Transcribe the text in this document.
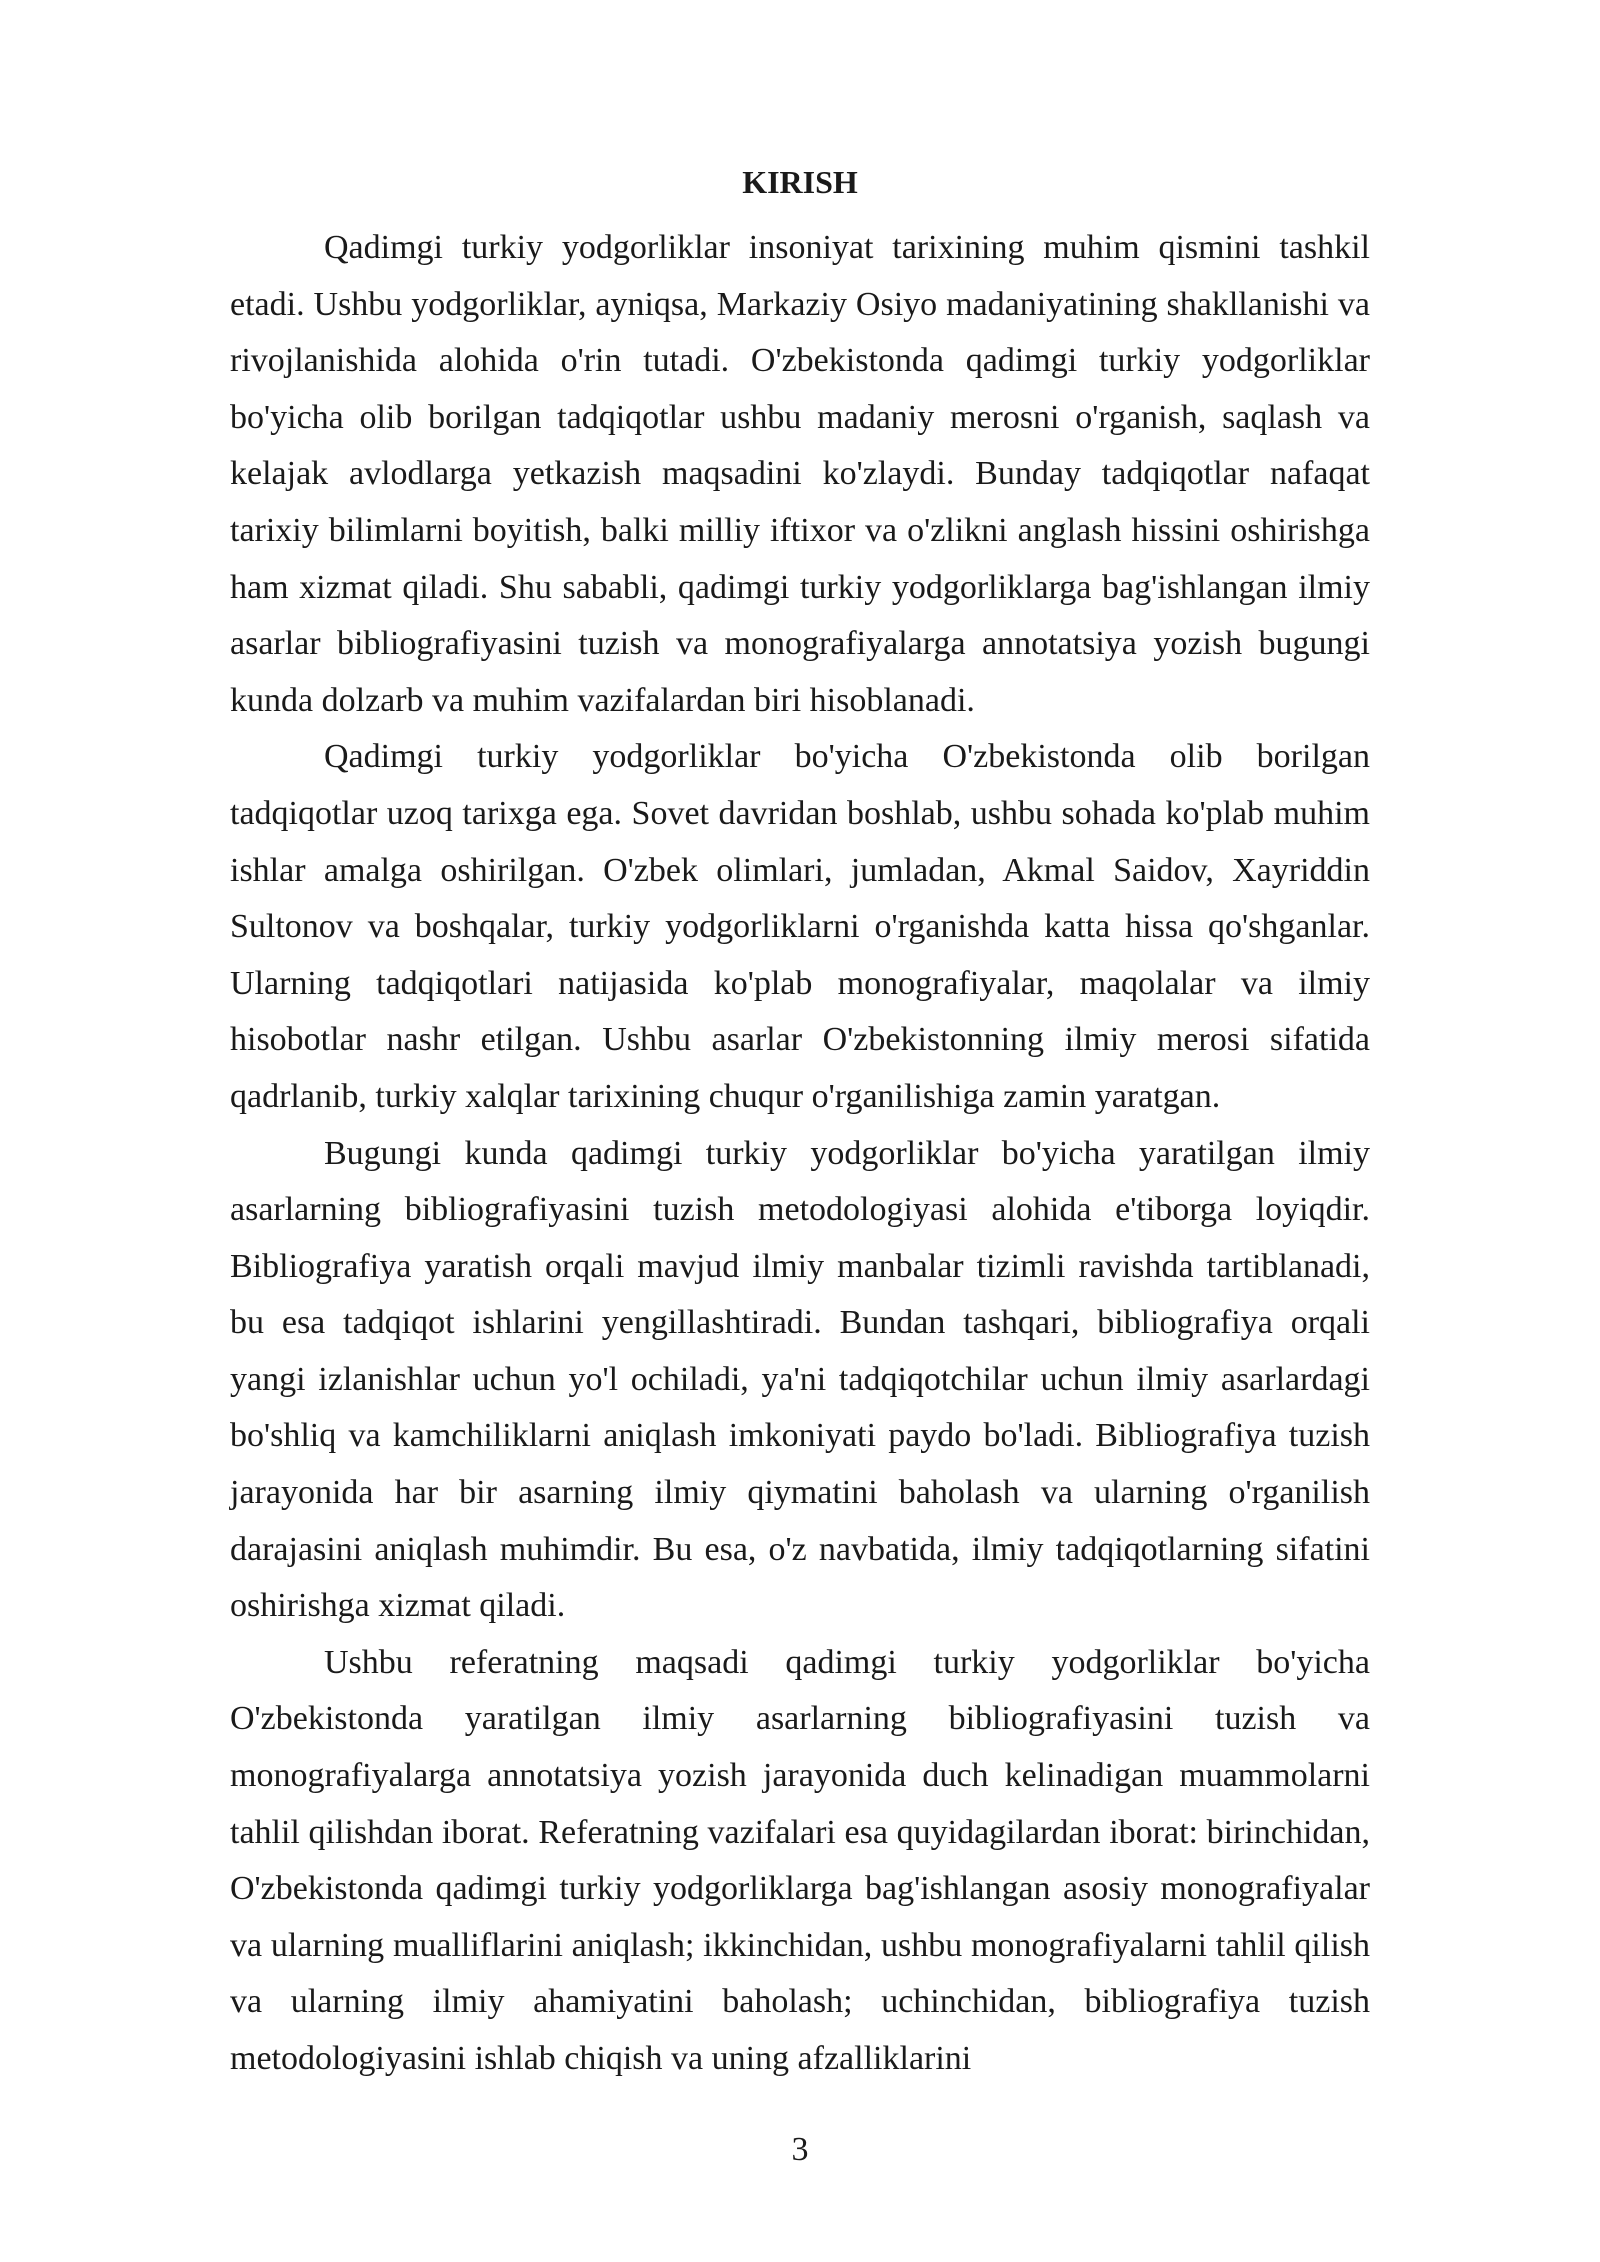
KIRISH

Qadimgi turkiy yodgorliklar insoniyat tarixining muhim qismini tashkil etadi. Ushbu yodgorliklar, ayniqsa, Markaziy Osiyo madaniyatining shakllanishi va rivojlanishida alohida o'rin tutadi. O'zbekistonda qadimgi turkiy yodgorliklar bo'yicha olib borilgan tadqiqotlar ushbu madaniy merosni o'rganish, saqlash va kelajak avlodlarga yetkazish maqsadini ko'zlaydi. Bunday tadqiqotlar nafaqat tarixiy bilimlarni boyitish, balki milliy iftixor va o'zlikni anglash hissini oshirishga ham xizmat qiladi. Shu sababli, qadimgi turkiy yodgorliklarga bag'ishlangan ilmiy asarlar bibliografiyasini tuzish va monografiyalarga annotatsiya yozish bugungi kunda dolzarb va muhim vazifalardan biri hisoblanadi.

Qadimgi turkiy yodgorliklar bo'yicha O'zbekistonda olib borilgan tadqiqotlar uzoq tarixga ega. Sovet davridan boshlab, ushbu sohada ko'plab muhim ishlar amalga oshirilgan. O'zbek olimlari, jumladan, Akmal Saidov, Xayriddin Sultonov va boshqalar, turkiy yodgorliklarni o'rganishda katta hissa qo'shganlar. Ularning tadqiqotlari natijasida ko'plab monografiyalar, maqolalar va ilmiy hisobotlar nashr etilgan. Ushbu asarlar O'zbekistonning ilmiy merosi sifatida qadrlanib, turkiy xalqlar tarixining chuqur o'rganilishiga zamin yaratgan.

Bugungi kunda qadimgi turkiy yodgorliklar bo'yicha yaratilgan ilmiy asarlarning bibliografiyasini tuzish metodologiyasi alohida e'tiborga loyiqdir. Bibliografiya yaratish orqali mavjud ilmiy manbalar tizimli ravishda tartiblanadi, bu esa tadqiqot ishlarini yengillashtiradi. Bundan tashqari, bibliografiya orqali yangi izlanishlar uchun yo'l ochiladi, ya'ni tadqiqotchilar uchun ilmiy asarlardagi bo'shliq va kamchiliklarni aniqlash imkoniyati paydo bo'ladi. Bibliografiya tuzish jarayonida har bir asarning ilmiy qiymatini baholash va ularning o'rganilish darajasini aniqlash muhimdir. Bu esa, o'z navbatida, ilmiy tadqiqotlarning sifatini oshirishga xizmat qiladi.

Ushbu referatning maqsadi qadimgi turkiy yodgorliklar bo'yicha O'zbekistonda yaratilgan ilmiy asarlarning bibliografiyasini tuzish va monografiyalarga annotatsiya yozish jarayonida duch kelinadigan muammolarni tahlil qilishdan iborat. Referatning vazifalari esa quyidagilardan iborat: birinchidan, O'zbekistonda qadimgi turkiy yodgorliklarga bag'ishlangan asosiy monografiyalar va ularning mualliflarini aniqlash; ikkinchidan, ushbu monografiyalarni tahlil qilish va ularning ilmiy ahamiyatini baholash; uchinchidan, bibliografiya tuzish metodologiyasini ishlab chiqish va uning afzalliklarini

3
